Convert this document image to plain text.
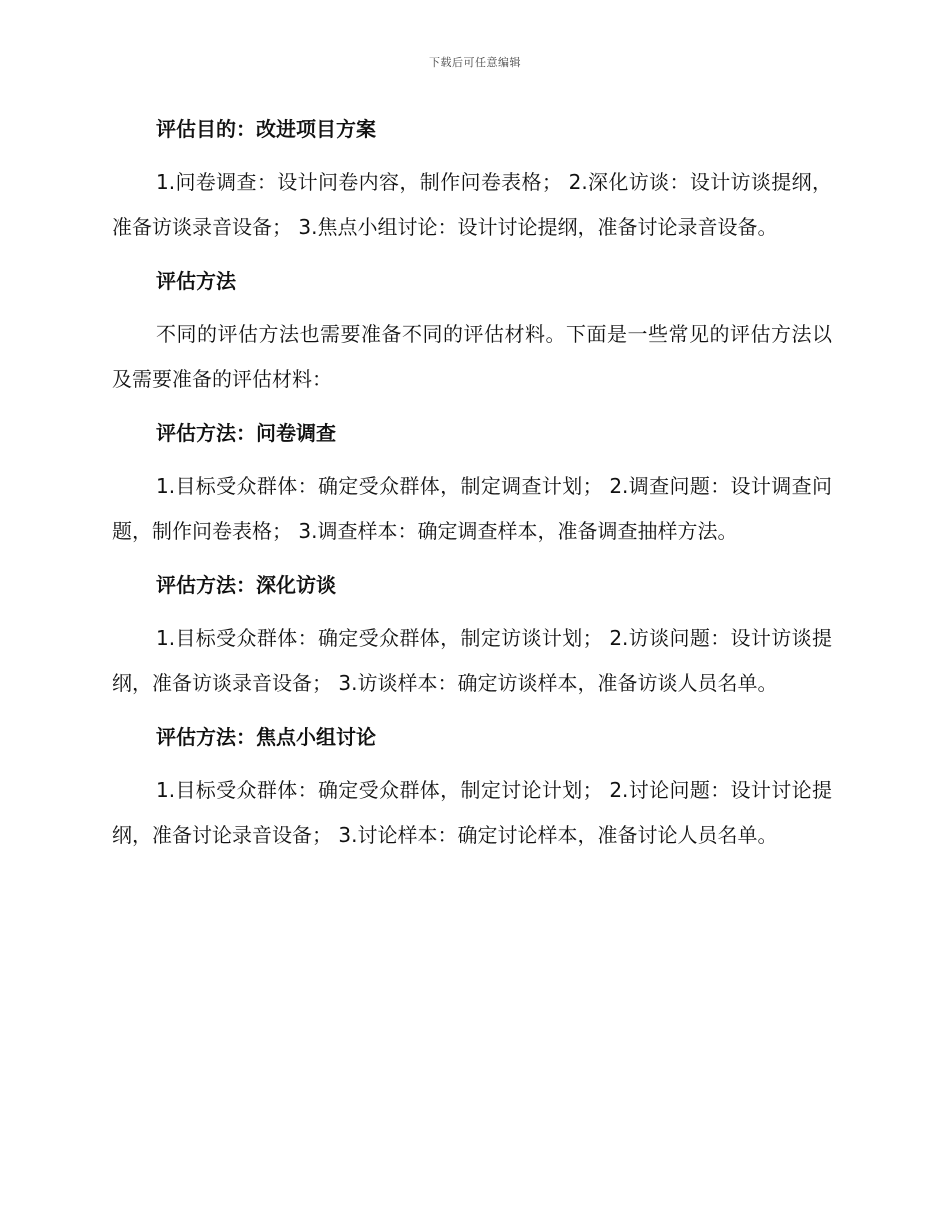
下载后可任意编辑
评估目的：改进项目方案

1.问卷调查：设计问卷内容，制作问卷表格； 2.深化访谈：设计访谈提纲，准备访谈录音设备； 3.焦点小组讨论：设计讨论提纲，准备讨论录音设备。

评估方法

不同的评估方法也需要准备不同的评估材料。下面是一些常见的评估方法以及需要准备的评估材料：

评估方法：问卷调查

1.目标受众群体：确定受众群体，制定调查计划； 2.调查问题：设计调查问题，制作问卷表格； 3.调查样本：确定调查样本，准备调查抽样方法。

评估方法：深化访谈

1.目标受众群体：确定受众群体，制定访谈计划； 2.访谈问题：设计访谈提纲，准备访谈录音设备； 3.访谈样本：确定访谈样本，准备访谈人员名单。

评估方法：焦点小组讨论

1.目标受众群体：确定受众群体，制定讨论计划； 2.讨论问题：设计讨论提纲，准备讨论录音设备； 3.讨论样本：确定讨论样本，准备讨论人员名单。
